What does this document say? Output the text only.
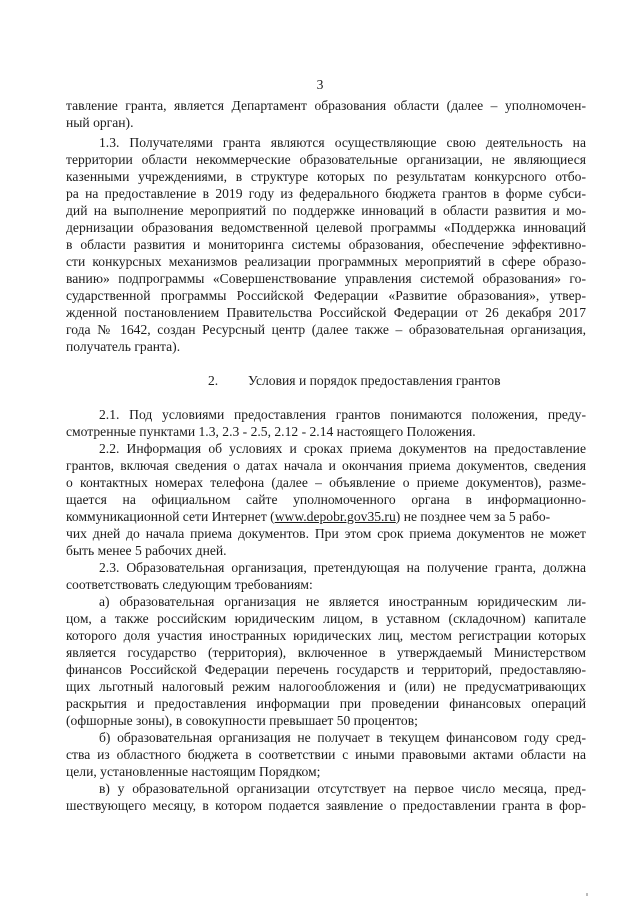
3
тавление гранта, является Департамент образования области (далее – уполномочен-
ный орган).
1.3. Получателями гранта являются осуществляющие свою деятельность на
территории области некоммерческие образовательные организации, не являющиеся
казенными учреждениями, в структуре которых по результатам конкурсного отбо-
ра на предоставление в 2019 году из федерального бюджета грантов в форме субси-
дий на выполнение мероприятий по поддержке инноваций в области развития и мо-
дернизации образования ведомственной целевой программы «Поддержка инноваций
в области развития и мониторинга системы образования, обеспечение эффективно-
сти конкурсных механизмов реализации программных мероприятий в сфере образо-
ванию» подпрограммы «Совершенствование управления системой образования» го-
сударственной программы Российской Федерации «Развитие образования», утвер-
жденной постановлением Правительства Российской Федерации от 26 декабря 2017
года № 1642, создан Ресурсный центр (далее также – образовательная организация,
получатель гранта).
2. Условия и порядок предоставления грантов
2.1. Под условиями предоставления грантов понимаются положения, преду-
смотренные пунктами 1.3, 2.3 - 2.5, 2.12 - 2.14 настоящего Положения.
2.2. Информация об условиях и сроках приема документов на предоставление
грантов, включая сведения о датах начала и окончания приема документов, сведения
о контактных номерах телефона (далее – объявление о приеме документов), разме-
щается на официальном сайте уполномоченного органа в информационно-
коммуникационной сети Интернет (www.depobr.gov35.ru) не позднее чем за 5 рабо-
чих дней до начала приема документов. При этом срок приема документов не может
быть менее 5 рабочих дней.
2.3. Образовательная организация, претендующая на получение гранта, должна
соответствовать следующим требованиям:
а) образовательная организация не является иностранным юридическим ли-
цом, а также российским юридическим лицом, в уставном (складочном) капитале
которого доля участия иностранных юридических лиц, местом регистрации которых
является государство (территория), включенное в утверждаемый Министерством
финансов Российской Федерации перечень государств и территорий, предоставляю-
щих льготный налоговый режим налогообложения и (или) не предусматривающих
раскрытия и предоставления информации при проведении финансовых операций
(офшорные зоны), в совокупности превышает 50 процентов;
б) образовательная организация не получает в текущем финансовом году сред-
ства из областного бюджета в соответствии с иными правовыми актами области на
цели, установленные настоящим Порядком;
в) у образовательной организации отсутствует на первое число месяца, пред-
шествующего месяцу, в котором подается заявление о предоставлении гранта в фор-
